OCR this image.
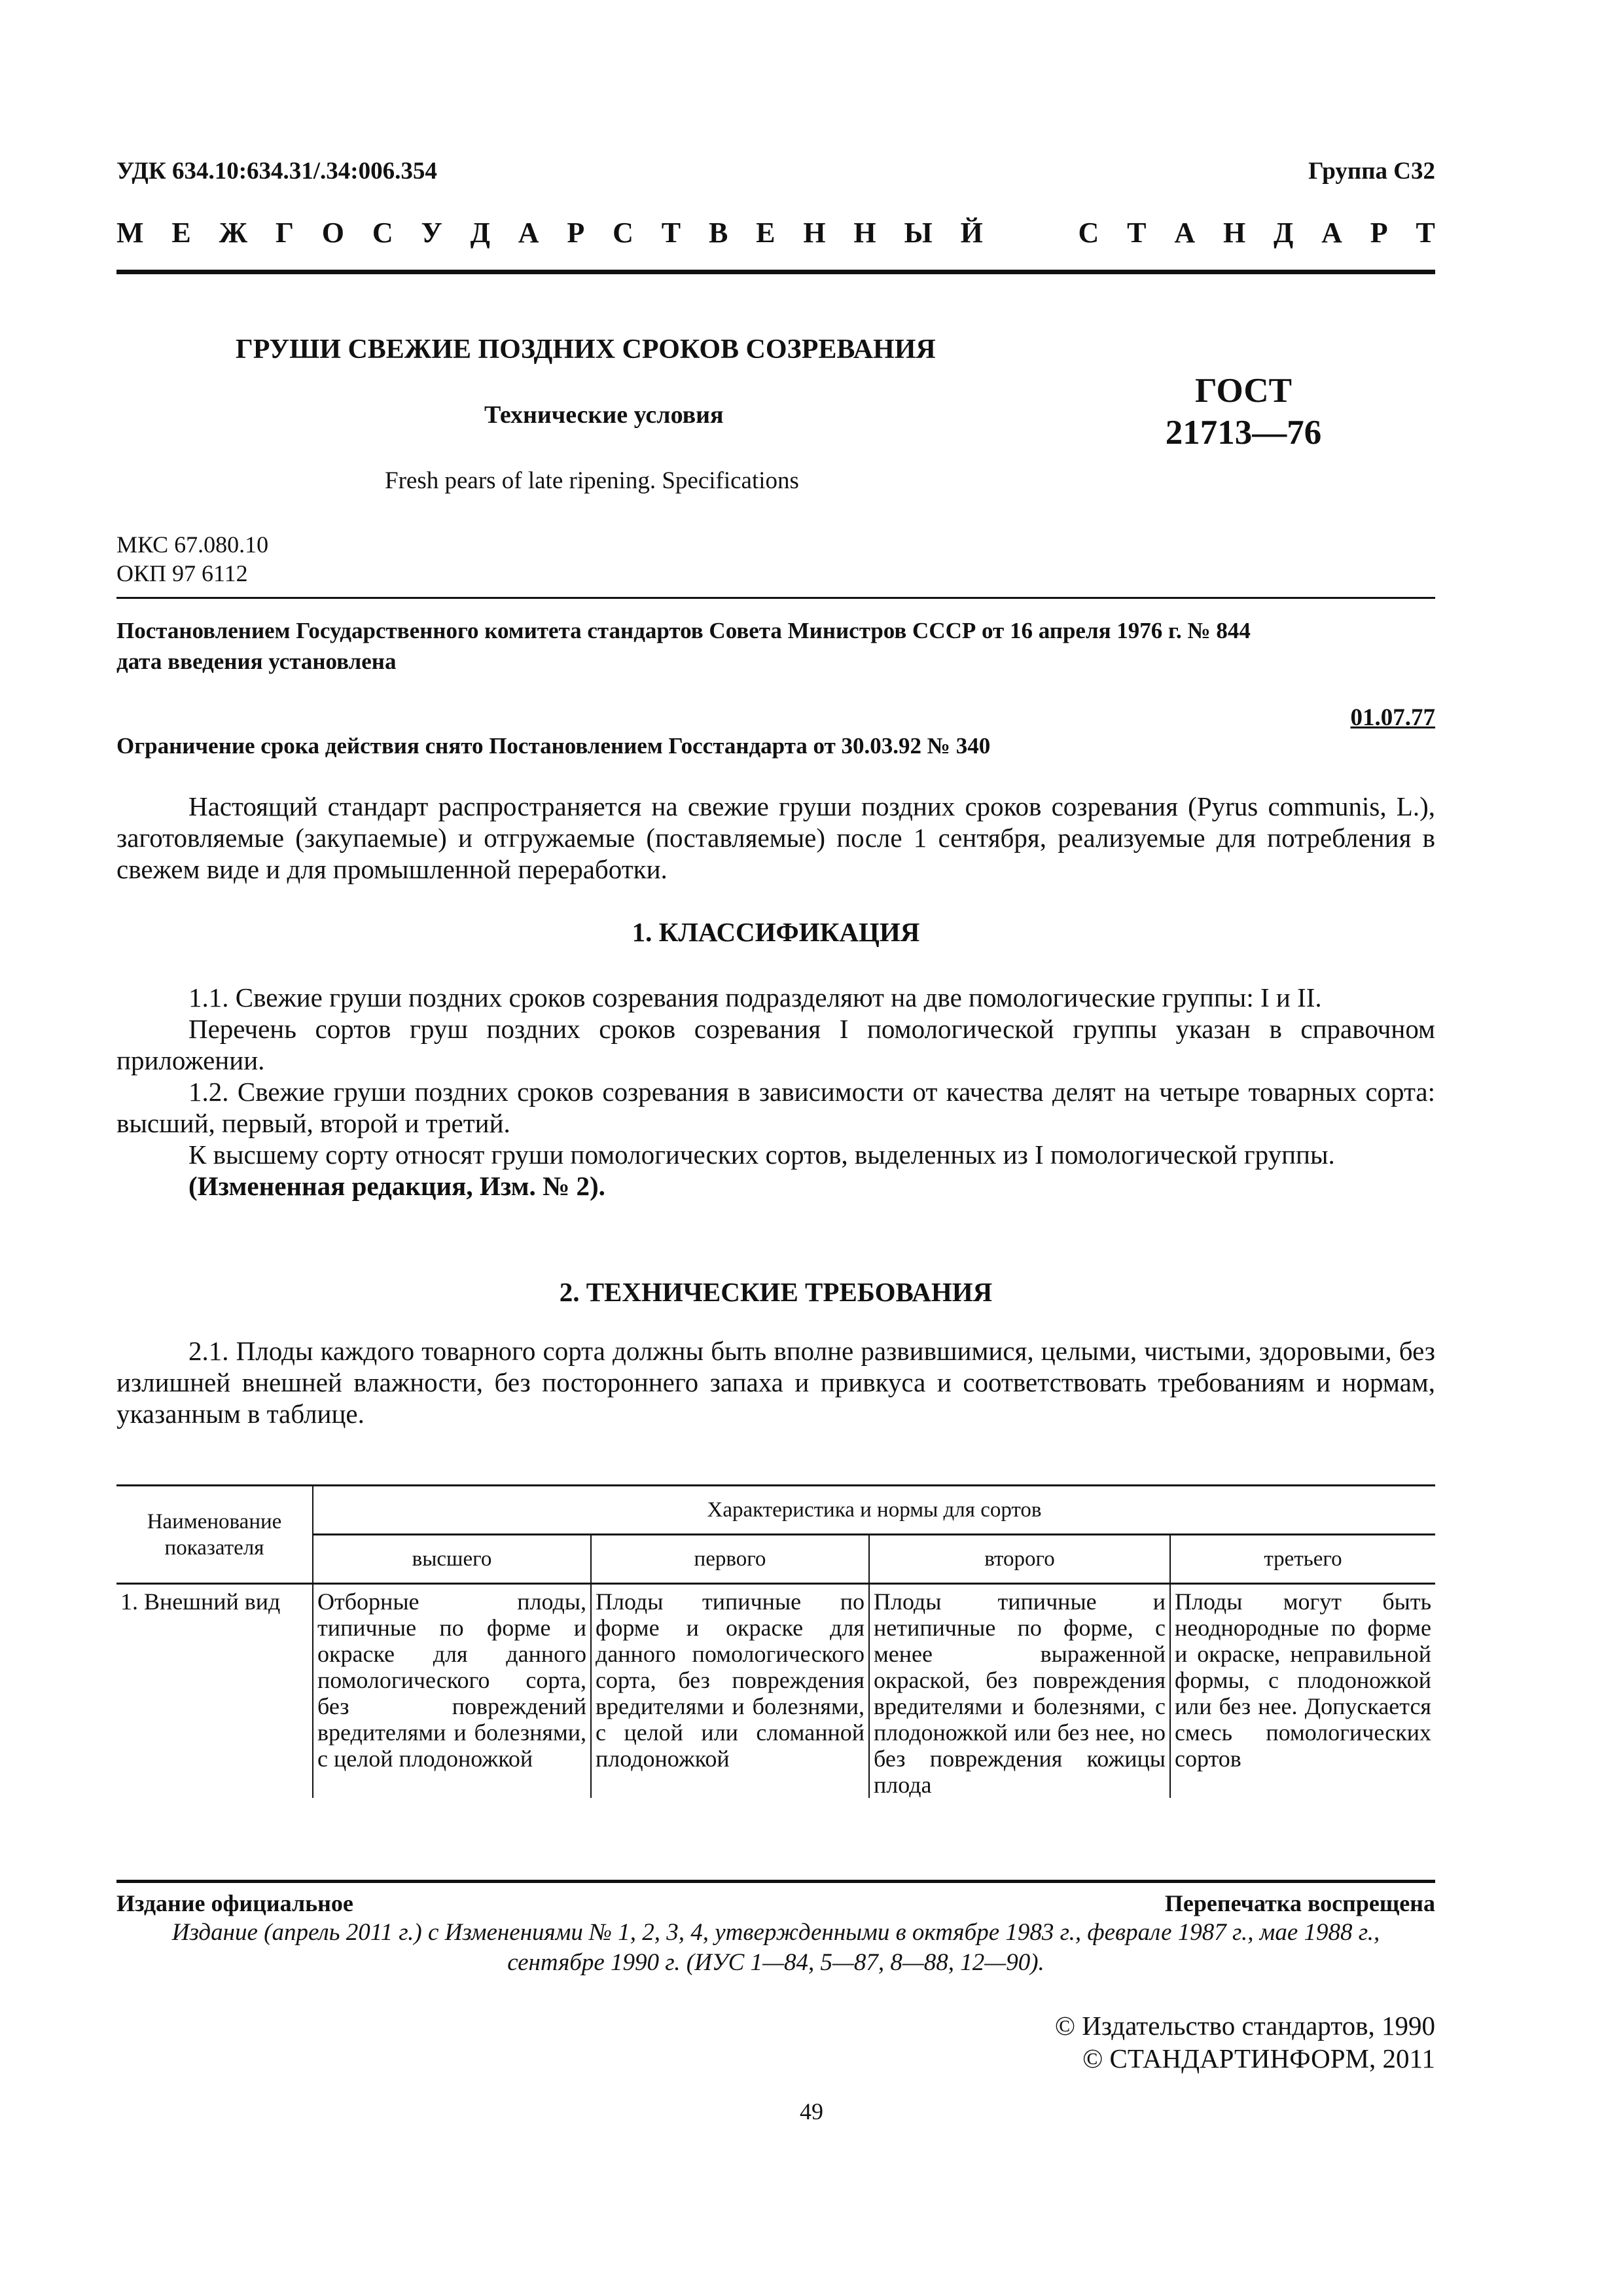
УДК 634.10:634.31/.34:006.354	Группа С32
М Е Ж Г О С У Д А Р С Т В Е Н Н Ы Й	С Т А Н Д А Р Т
ГРУШИ СВЕЖИЕ ПОЗДНИХ СРОКОВ СОЗРЕВАНИЯ
Технические условия
Fresh pears of late ripening. Specifications
ГОСТ
21713—76
МКС 67.080.10
ОКП 97 6112
Постановлением Государственного комитета стандартов Совета Министров СССР от 16 апреля 1976 г. № 844
дата введения установлена
01.07.77
Ограничение срока действия снято Постановлением Госстандарта от 30.03.92 № 340

Настоящий стандарт распространяется на свежие груши поздних сроков созревания (Pyrus communis, L.), заготовляемые (закупаемые) и отгружаемые (поставляемые) после 1 сентября, реализуемые для потребления в свежем виде и для промышленной переработки.

1. КЛАССИФИКАЦИЯ

1.1. Свежие груши поздних сроков созревания подразделяют на две помологические группы: I и II.

Перечень сортов груш поздних сроков созревания I помологической группы указан в справочном приложении.

1.2. Свежие груши поздних сроков созревания в зависимости от качества делят на четыре товарных сорта: высший, первый, второй и третий.

К высшему сорту относят груши помологических сортов, выделенных из I помологической группы.

(Измененная редакция, Изм. № 2).

2. ТЕХНИЧЕСКИЕ ТРЕБОВАНИЯ

2.1. Плоды каждого товарного сорта должны быть вполне развившимися, целыми, чистыми, здоровыми, без излишней внешней влажности, без постороннего запаха и привкуса и соответствовать требованиям и нормам, указанным в таблице.

Наименование показателя	Характеристика и нормы для сортов			
	высшего	первого	второго	третьего
1. Внешний вид	Отборные плоды, типичные по форме и окраске для данного помологического сорта, без повреждений вредителями и болезнями, с целой плодоножкой	Плоды типичные по форме и окраске для данного помологического сорта, без повреждения вредителями и болезнями, с целой или сломанной плодоножкой	Плоды типичные и нетипичные по форме, с менее выраженной окраской, без повреждения вредителями и болезнями, с плодоножкой или без нее, но без повреждения кожицы плода	Плоды могут быть неоднородные по форме и окраске, неправильной формы, с плодоножкой или без нее. Допускается смесь помологических сортов
Издание официальное	Перепечатка воспрещена
Издание (апрель 2011 г.) с Изменениями № 1, 2, 3, 4, утвержденными в октябре 1983 г., феврале 1987 г., мае 1988 г.,
сентябре 1990 г. (ИУС 1—84, 5—87, 8—88, 12—90).
© Издательство стандартов, 1990
© СТАНДАРТИНФОРМ, 2011
49
